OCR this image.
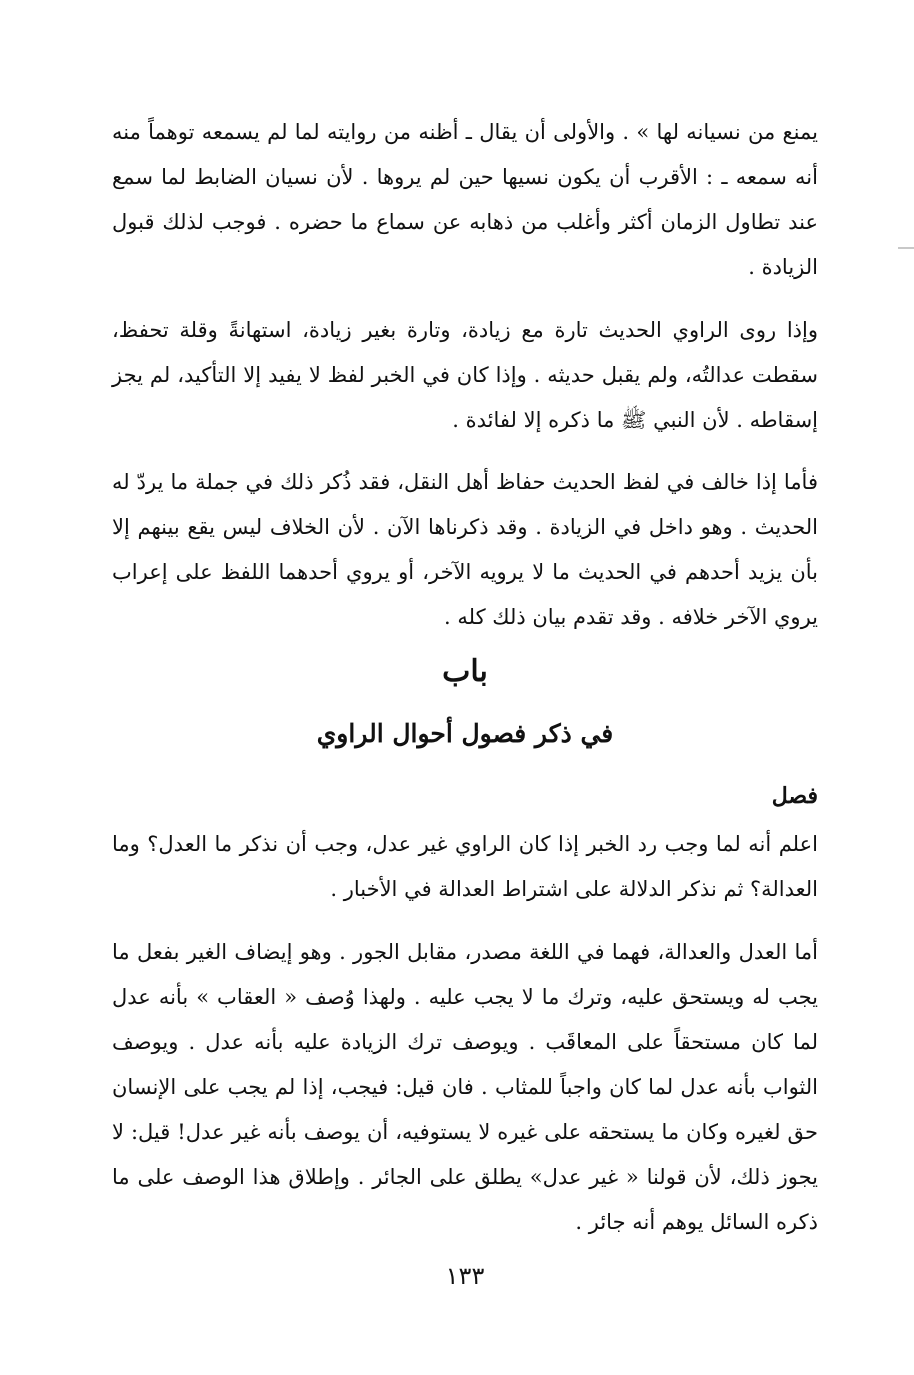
يمنع من نسيانه لها » . والأولى أن يقال ـ أظنه من روايته لما لم يسمعه توهماً منه أنه سمعه ـ : الأقرب أن يكون نسيها حين لم يروها . لأن نسيان الضابط لما سمع عند تطاول الزمان أكثر وأغلب من ذهابه عن سماع ما حضره . فوجب لذلك قبول الزيادة .
وإذا روى الراوي الحديث تارة مع زيادة، وتارة بغير زيادة، استهانةً وقلة تحفظ، سقطت عدالتُه، ولم يقبل حديثه . وإذا كان في الخبر لفظ لا يفيد إلا التأكيد، لم يجز إسقاطه . لأن النبي ﷺ ما ذكره إلا لفائدة .
فأما إذا خالف في لفظ الحديث حفاظ أهل النقل، فقد ذُكر ذلك في جملة ما يردّ له الحديث . وهو داخل في الزيادة . وقد ذكرناها الآن . لأن الخلاف ليس يقع بينهم إلا بأن يزيد أحدهم في الحديث ما لا يرويه الآخر، أو يروي أحدهما اللفظ على إعراب يروي الآخر خلافه . وقد تقدم بيان ذلك كله .
باب
في ذكر فصول أحوال الراوي
فصل
اعلم أنه لما وجب رد الخبر إذا كان الراوي غير عدل، وجب أن نذكر ما العدل؟ وما العدالة؟ ثم نذكر الدلالة على اشتراط العدالة في الأخبار .
أما العدل والعدالة، فهما في اللغة مصدر، مقابل الجور . وهو إيضاف الغير بفعل ما يجب له ويستحق عليه، وترك ما لا يجب عليه . ولهذا وُصف « العقاب » بأنه عدل لما كان مستحقاً على المعاقَب . ويوصف ترك الزيادة عليه بأنه عدل . ويوصف الثواب بأنه عدل لما كان واجباً للمثاب . فان قيل: فيجب، إذا لم يجب على الإنسان حق لغيره وكان ما يستحقه على غيره لا يستوفيه، أن يوصف بأنه غير عدل! قيل: لا يجوز ذلك، لأن قولنا « غير عدل» يطلق على الجائر . وإطلاق هذا الوصف على ما ذكره السائل يوهم أنه جائر .
١٣٣
